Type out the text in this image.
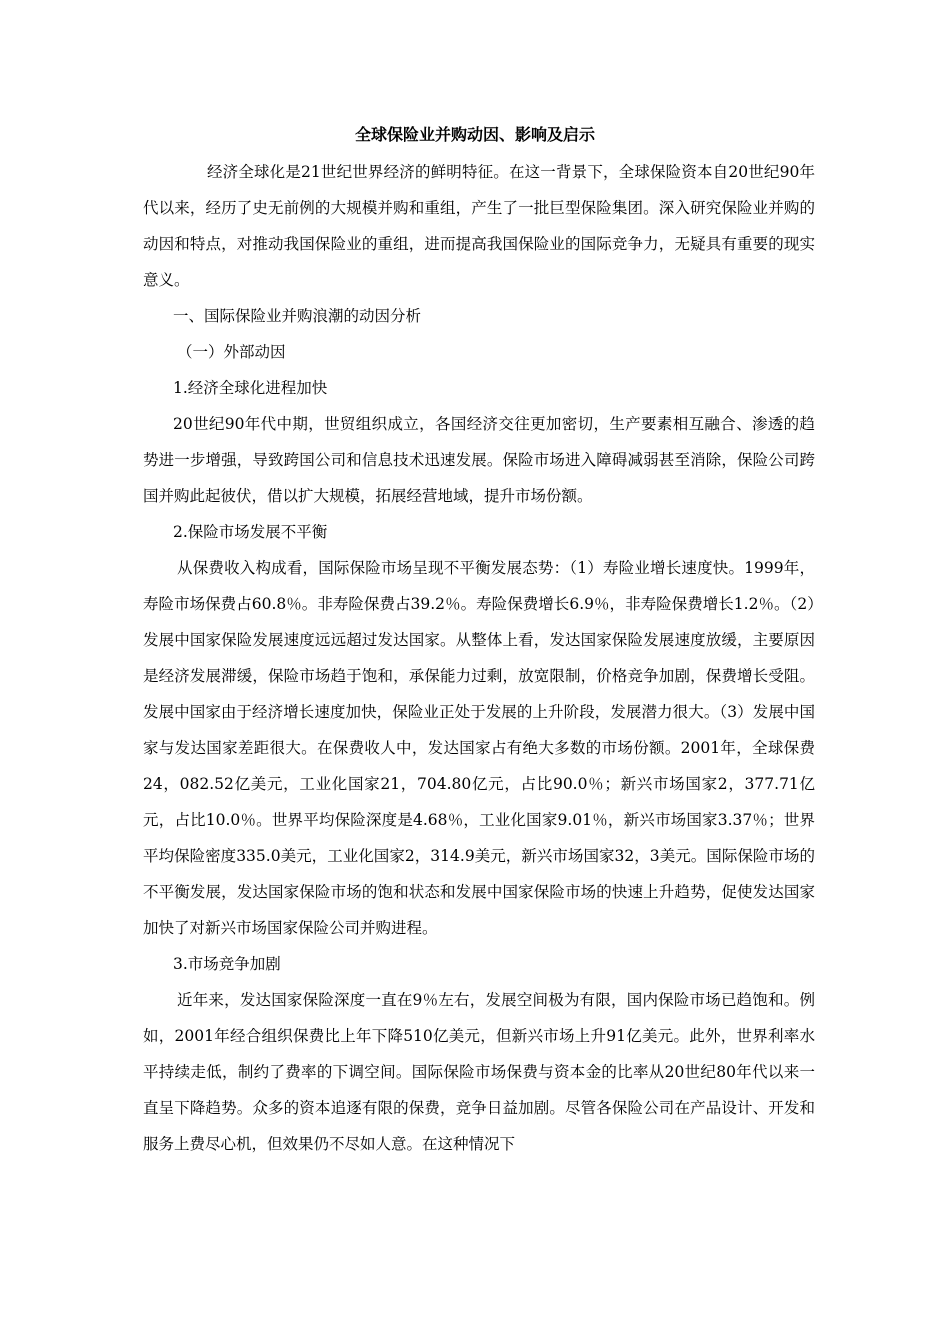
全球保险业并购动因、影响及启示

经济全球化是21世纪世界经济的鲜明特征。在这一背景下，全球保险资本自20世纪90年代以来，经历了史无前例的大规模并购和重组，产生了一批巨型保险集团。深入研究保险业并购的动因和特点，对推动我国保险业的重组，进而提高我国保险业的国际竞争力，无疑具有重要的现实意义。

一、国际保险业并购浪潮的动因分析

（一）外部动因

1.经济全球化进程加快

20世纪90年代中期，世贸组织成立，各国经济交往更加密切，生产要素相互融合、渗透的趋势进一步增强，导致跨国公司和信息技术迅速发展。保险市场进入障碍减弱甚至消除，保险公司跨国并购此起彼伏，借以扩大规模，拓展经营地域，提升市场份额。

2.保险市场发展不平衡

从保费收入构成看，国际保险市场呈现不平衡发展态势：（1）寿险业增长速度快。1999年，寿险市场保费占60.8％。非寿险保费占39.2％。寿险保费增长6.9％，非寿险保费增长1.2％。（2）发展中国家保险发展速度远远超过发达国家。从整体上看，发达国家保险发展速度放缓，主要原因是经济发展滞缓，保险市场趋于饱和，承保能力过剩，放宽限制，价格竞争加剧，保费增长受阻。发展中国家由于经济增长速度加快，保险业正处于发展的上升阶段，发展潜力很大。（3）发展中国家与发达国家差距很大。在保费收人中，发达国家占有绝大多数的市场份额。2001年，全球保费24，082.52亿美元，工业化国家21，704.80亿元，占比90.0％；新兴市场国家2，377.71亿元，占比10.0％。世界平均保险深度是4.68％，工业化国家9.01％，新兴市场国家3.37％；世界平均保险密度335.0美元，工业化国家2，314.9美元，新兴市场国家32，3美元。国际保险市场的不平衡发展，发达国家保险市场的饱和状态和发展中国家保险市场的快速上升趋势，促使发达国家加快了对新兴市场国家保险公司并购进程。

3.市场竞争加剧

近年来，发达国家保险深度一直在9％左右，发展空间极为有限，国内保险市场已趋饱和。例如，2001年经合组织保费比上年下降510亿美元，但新兴市场上升91亿美元。此外，世界利率水平持续走低，制约了费率的下调空间。国际保险市场保费与资本金的比率从20世纪80年代以来一直呈下降趋势。众多的资本追逐有限的保费，竞争日益加剧。尽管各保险公司在产品设计、开发和服务上费尽心机，但效果仍不尽如人意。在这种情况下
